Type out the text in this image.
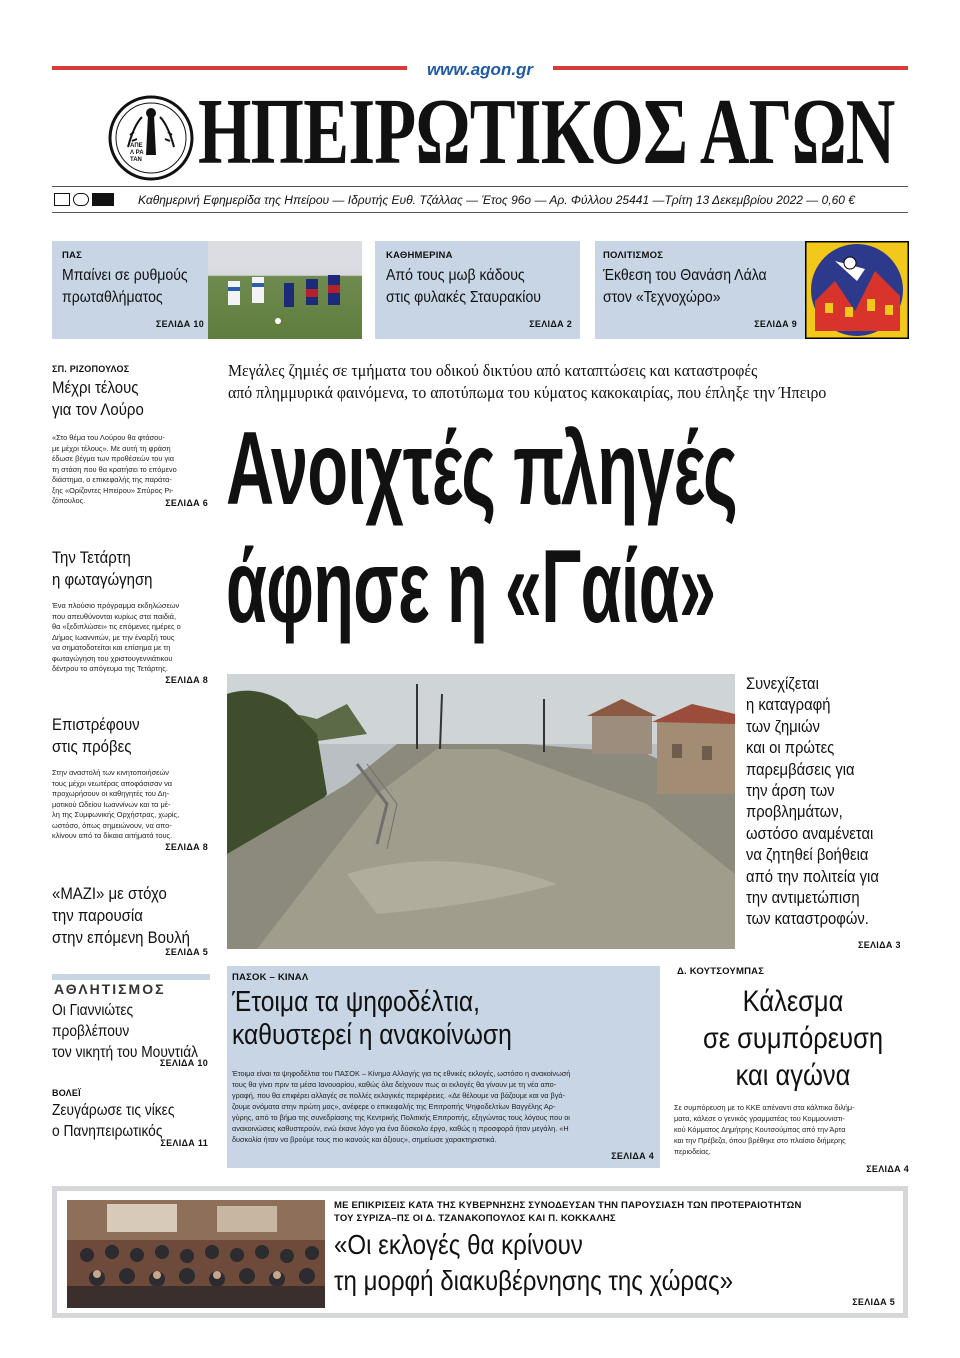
www.agon.gr
ΑΠΕΛ ΡΑΤΑΝ ΗΠΕΙΡΩΤΙΚΟΣ ΑΓΩΝ
Καθημερινή Εφημερίδα της Ηπείρου — Ιδρυτής Ευθ. Τζάλλας — Έτος 96ο — Αρ. Φύλλου 25441 —Τρίτη 13 Δεκεμβρίου 2022 — 0,60 €
ΠΑΣ
Μπαίνει σε ρυθμούς
πρωταθλήματος
ΣΕΛΙΔΑ 10
ΚΑΘΗΜΕΡΙΝΑ
Από τους μωβ κάδους
στις φυλακές Σταυρακίου
ΣΕΛΙΔΑ 2
ΠΟΛΙΤΙΣΜΟΣ
Έκθεση του Θανάση Λάλα
στον «Τεχνοχώρο»
ΣΕΛΙΔΑ 9
ΣΠ. ΡΙΖΟΠΟΥΛΟΣ
Μέχρι τέλους
για τον Λούρο
«Στο θέμα του Λούρου θα φτάσου-
με μέχρι τέλους». Με αυτή τη φράση
έδωσε βέγμα των προθέσεών του για
τη στάση που θα κρατήσει το επόμενο
διάστημα, ο επικεφαλής της παράτα-
ξης «Ορίζοντες Ηπείρου» Σπύρος Ρι-
ζόπουλος.	ΣΕΛΙΔΑ 6
Την Τετάρτη
η φωταγώγηση
Ένα πλούσιο πρόγραμμα εκδηλώσεων
που απευθύνονται κυρίως στα παιδιά,
θα «ξεδιπλώσει» τις επόμενες ημέρες ο
Δήμος Ιωαννιτών, με την έναρξή τους
να σηματοδοτείται και επίσημα με τη
φωταγώγηση του χριστουγεννιάτικου
δέντρου το απόγευμα της Τετάρτης.
ΣΕΛΙΔΑ 8
Επιστρέφουν
στις πρόβες
Στην αναστολή των κινητοποιήσεών
τους μέχρι νεωτέρας αποφάσισαν να
προχωρήσουν οι καθηγητές του Δη-
μοτικού Ωδείου Ιωαννίνων και τα μέ-
λη της Συμφωνικής Ορχήστρας, χωρίς,
ωστόσο, όπως σημειώνουν, να απο-
κλίνουν από τα δίκαια αιτήματά τους.
ΣΕΛΙΔΑ 8
«ΜΑΖΙ» με στόχο
την παρουσία
στην επόμενη Βουλή
ΣΕΛΙΔΑ 5
ΑΘΛΗΤΙΣΜΟΣ
Οι Γιαννιώτες
προβλέπουν
τον νικητή του Μουντιάλ
ΣΕΛΙΔΑ 10
ΒΟΛΕΪ
Ζευγάρωσε τις νίκες
ο Πανηπειρωτικός
ΣΕΛΙΔΑ 11
Μεγάλες ζημιές σε τμήματα του οδικού δικτύου από καταπτώσεις και καταστροφές
από πλημμυρικά φαινόμενα, το αποτύπωμα του κύματος κακοκαιρίας, που έπληξε την Ήπειρο
Ανοιχτές πληγές
άφησε η «Γαία»
Συνεχίζεται
η καταγραφή
των ζημιών
και οι πρώτες
παρεμβάσεις για
την άρση των
προβλημάτων,
ωστόσο αναμένεται
να ζητηθεί βοήθεια
από την πολιτεία για
την αντιμετώπιση
των καταστροφών.
ΣΕΛΙΔΑ 3
ΠΑΣΟΚ – ΚΙΝΑΛ
Έτοιμα τα ψηφοδέλτια,
καθυστερεί η ανακοίνωση
Έτοιμα είναι τα ψηφοδέλτια του ΠΑΣΟΚ – Κίνημα Αλλαγής για τις εθνικές εκλογές, ωστόσο η ανακοίνωσή
τους θα γίνει πριν τα μέσα Ιανουαρίου, καθώς όλα δείχνουν πως οι εκλογές θα γίνουν με τη νέα απο-
γραφή, που θα επιφέρει αλλαγές σε πολλές εκλογικές περιφέρειες. «Δε θέλουμε να βάζουμε και να βγά-
ζουμε ονόματα στην πρώτη μας», ανέφερε ο επικεφαλής της Επιτροπής Ψηφοδελτίων Βαγγέλης Αρ-
γύρης, από το βήμα της συνεδρίασης της Κεντρικής Πολιτικής Επιτροπής, εξηγώντας τους λόγους που οι
ανακοινώσεις καθυστερούν, ενώ έκανε λόγο για ένα δύσκολο έργο, καθώς η προσφορά ήταν μεγάλη. «Η
δυσκολία ήταν να βρούμε τους πιο ικανούς και άξιους», σημείωσε χαρακτηριστικά.
ΣΕΛΙΔΑ 4
Δ. ΚΟΥΤΣΟΥΜΠΑΣ
Κάλεσμα
σε συμπόρευση
και αγώνα
Σε συμπόρευση με το ΚΚΕ απέναντι στα κάλπικα διλήμ-
ματα, κάλεσε ο γενικός γραμματέας του Κομμουνιστι-
κού Κόμματος Δημήτρης Κουτσούμπας από την Άρτα
και την Πρέβεζα, όπου βρέθηκε στο πλαίσιο διήμερης
περιοδείας.
ΣΕΛΙΔΑ 4
ΜΕ ΕΠΙΚΡΙΣΕΙΣ ΚΑΤΑ ΤΗΣ ΚΥΒΕΡΝΗΣΗΣ ΣΥΝΟΔΕΥΣΑΝ ΤΗΝ ΠΑΡΟΥΣΙΑΣΗ ΤΩΝ ΠΡΟΤΕΡΑΙΟΤΗΤΩΝ
ΤΟΥ ΣΥΡΙΖΑ–ΠΣ ΟΙ Δ. ΤΖΑΝΑΚΟΠΟΥΛΟΣ ΚΑΙ Π. ΚΟΚΚΑΛΗΣ
«Οι εκλογές θα κρίνουν
τη μορφή διακυβέρνησης της χώρας»
ΣΕΛΙΔΑ 5
